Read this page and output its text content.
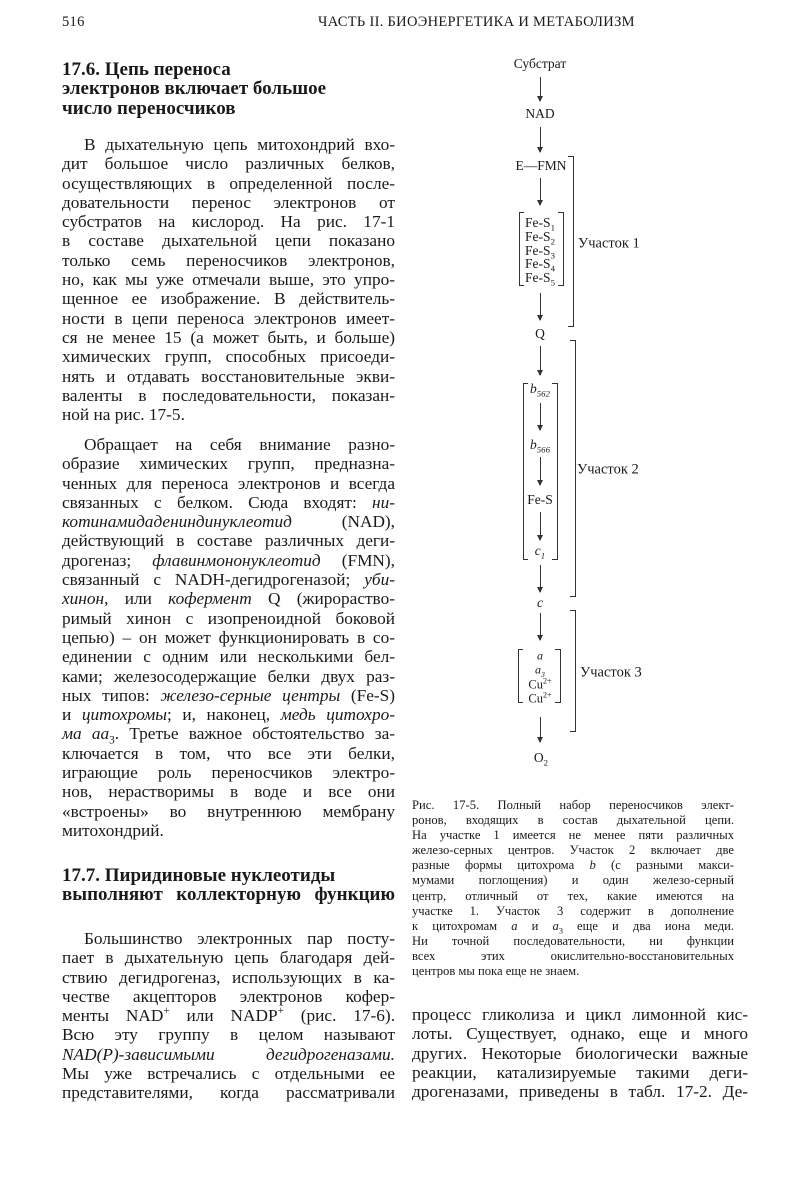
516	ЧАСТЬ II. БИОЭНЕРГЕТИКА И МЕТАБОЛИЗМ
17.6. Цепь переноса
электронов включает большое
число переносчиков
В дыхательную цепь митохондрий вхо-
дит большое число различных белков,
осуществляющих в определенной после-
довательности перенос электронов от
субстратов на кислород. На рис. 17-1
в составе дыхательной цепи показано
только семь переносчиков электронов,
но, как мы уже отмечали выше, это упро-
щенное ее изображение. В действитель-
ности в цепи переноса электронов имеет-
ся не менее 15 (а может быть, и больше)
химических групп, способных присоеди-
нять и отдавать восстановительные экви-
валенты в последовательности, показан-
ной на рис. 17-5.
Обращает на себя внимание разно-
образие химических групп, предназна-
ченных для переноса электронов и всегда
связанных с белком. Сюда входят: ни-
котинамидадениндинуклеотид (NAD),
действующий в составе различных деги-
дрогеназ; флавинмононуклеотид (FMN),
связанный с NADH-дегидрогеназой; уби-
хинон, или кофермент Q (жирораство-
римый хинон с изопреноидной боковой
цепью) – он может функционировать в со-
единении с одним или несколькими бел-
ками; железосодержащие белки двух раз-
ных типов: железо-серные центры (Fe-S)
и цитохромы; и, наконец, медь цитохро-
ма $аа_3$. Третье важное обстоятельство за-
ключается в том, что все эти белки,
играющие роль переносчиков электро-
нов, нерастворимы в воде и все они
«встроены» во внутреннюю мембрану
митохондрий.
17.7. Пиридиновые нуклеотиды
выполняют коллекторную функцию
Большинство электронных пар посту-
пает в дыхательную цепь благодаря дей-
ствию дегидрогеназ, использующих в ка-
честве акцепторов электронов кофер-
менты NAD+ или NADP+ (рис. 17-6).
Всю эту группу в целом называют
NAD(P)-зависимыми дегидрогеназами.
Мы уже встречались с отдельными ее
представителями, когда рассматривали
процесс гликолиза и цикл лимонной кис-
лоты. Существует, однако, еще и много
других. Некоторые биологически важные
реакции, катализируемые такими деги-
дрогеназами, приведены в табл. 17-2. Де-
Рис. 17-5. Полный набор переносчиков элект-
ронов, входящих в состав дыхательной цепи.
На участке 1 имеется не менее пяти различных
железо-серных центров. Участок 2 включает две
разные формы цитохрома b (с разными макси-
мумами поглощения) и один железо-серный
центр, отличный от тех, какие имеются на
участке 1. Участок 3 содержит в дополнение
к цитохромам a и $a_3$ еще и два иона меди.
Ни точной последовательности, ни функции
всех этих окислительно-восстановительных
центров мы пока еще не знаем.
Субстрат
NAD
E—FMN
$Fe-S_1$
$Fe-S_2$
$Fe-S_3$
$Fe-S_4$
$Fe-S_5$
Q
Участок 1
$b_{562}$
$b_{566}$
Fe-S
$c_1$
c
Участок 2
a
$a_3$
$Cu^{2+}$
$Cu^{2+}$
$O_2$
Участок 3
